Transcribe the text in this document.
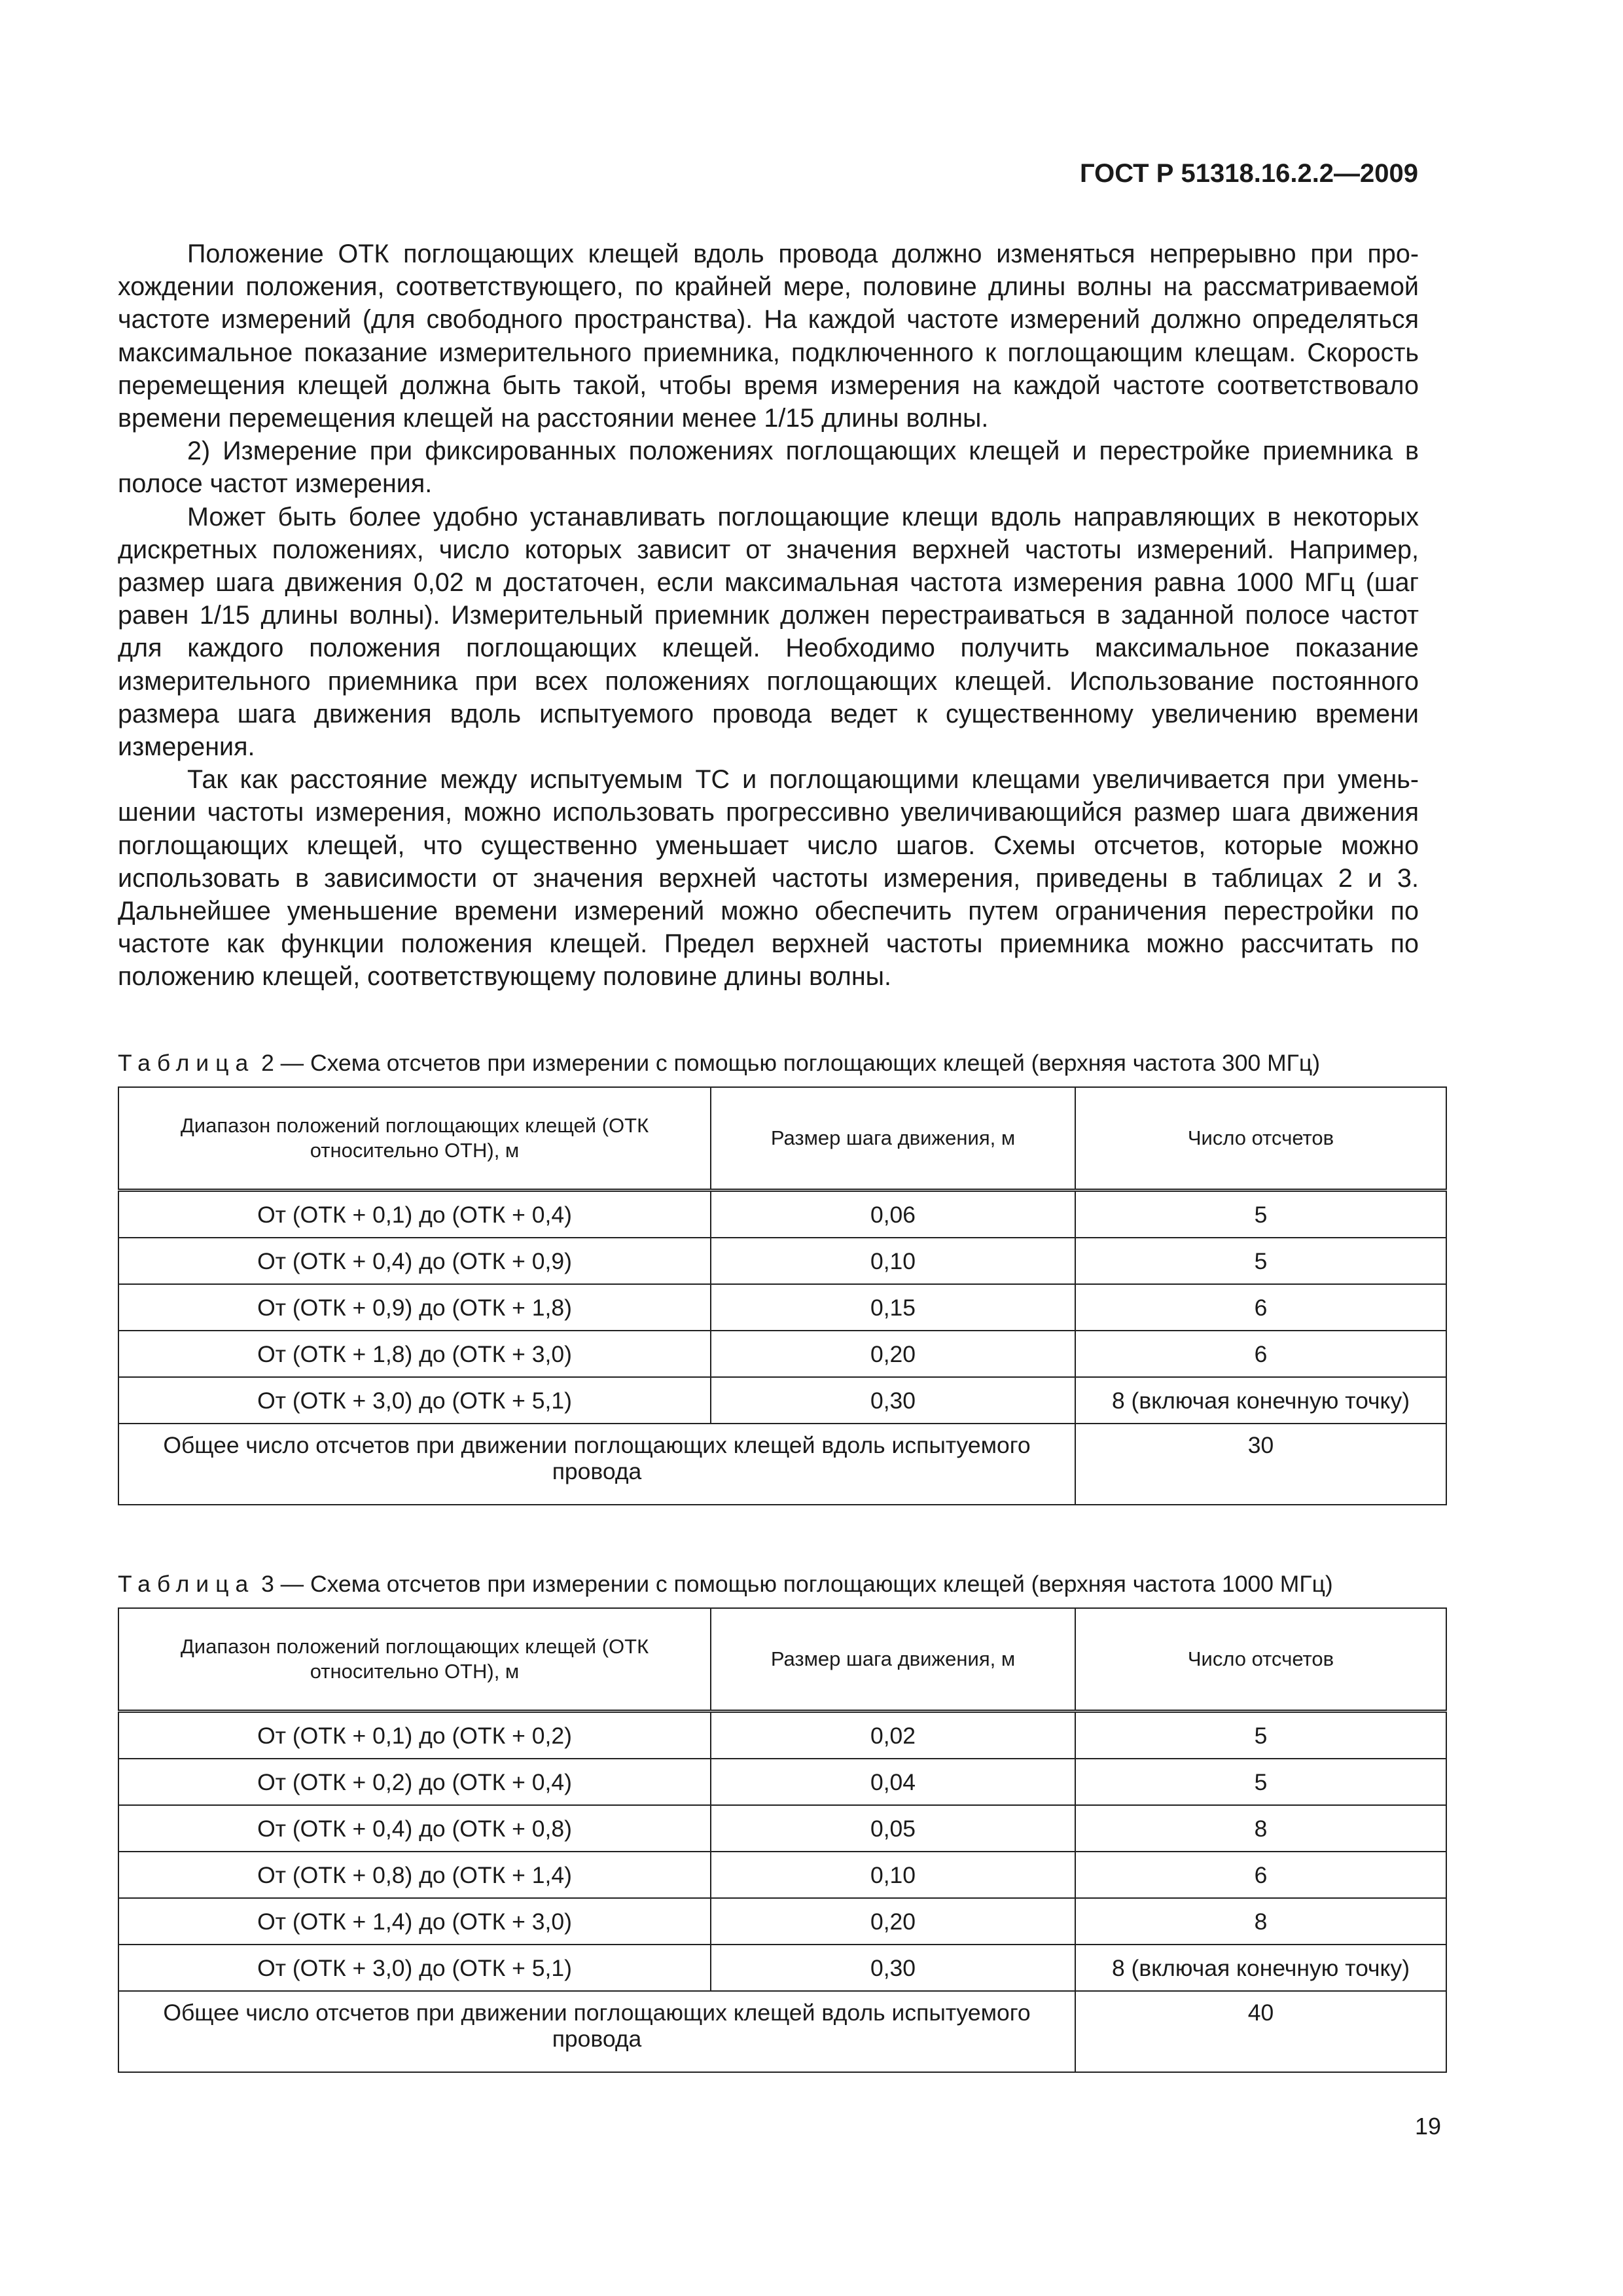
ГОСТ Р 51318.16.2.2—2009

Положение ОТК поглощающих клещей вдоль провода должно изменяться непрерывно при прохождении положения, соответствующего, по крайней мере, половине длины волны на рассматриваемой частоте измерений (для свободного пространства). На каждой частоте измерений должно определяться максимальное показание измерительного приемника, подключенного к поглощающим клещам. Скорость перемещения клещей должна быть такой, чтобы время измерения на каждой частоте соответствовало времени перемещения клещей на расстоянии менее 1/15 длины волны.

2) Измерение при фиксированных положениях поглощающих клещей и перестройке приемника в полосе частот измерения.

Может быть более удобно устанавливать поглощающие клещи вдоль направляющих в некоторых дискретных положениях, число которых зависит от значения верхней частоты измерений. Например, размер шага движения 0,02 м достаточен, если максимальная частота измерения равна 1000 МГц (шаг равен 1/15 длины волны). Измерительный приемник должен перестраиваться в заданной полосе частот для каждого положения поглощающих клещей. Необходимо получить максимальное показание измерительного приемника при всех положениях поглощающих клещей. Использование постоянного размера шага движения вдоль испытуемого провода ведет к существенному увеличению времени измерения.

Так как расстояние между испытуемым ТС и поглощающими клещами увеличивается при уменьшении частоты измерения, можно использовать прогрессивно увеличивающийся размер шага движения поглощающих клещей, что существенно уменьшает число шагов. Схемы отсчетов, которые можно использовать в зависимости от значения верхней частоты измерения, приведены в таблицах 2 и 3. Дальнейшее уменьшение времени измерений можно обеспечить путем ограничения перестройки по частоте как функции положения клещей. Предел верхней частоты приемника можно рассчитать по положению клещей, соответствующему половине длины волны.

Таблица 2 — Схема отсчетов при измерении с помощью поглощающих клещей (верхняя частота 300 МГц)
Диапазон положений поглощающих клещей (ОТК относительно ОТН), м	Размер шага движения, м	Число отсчетов
От (ОТК + 0,1) до (ОТК + 0,4)	0,06	5
От (ОТК + 0,4) до (ОТК + 0,9)	0,10	5
От (ОТК + 0,9) до (ОТК + 1,8)	0,15	6
От (ОТК + 1,8) до (ОТК + 3,0)	0,20	6
От (ОТК + 3,0) до (ОТК + 5,1)	0,30	8 (включая конечную точку)
Общее число отсчетов при движении поглощающих клещей вдоль испытуемого провода		30
Таблица 3 — Схема отсчетов при измерении с помощью поглощающих клещей (верхняя частота 1000 МГц)
Диапазон положений поглощающих клещей (ОТК относительно ОТН), м	Размер шага движения, м	Число отсчетов
От (ОТК + 0,1) до (ОТК + 0,2)	0,02	5
От (ОТК + 0,2) до (ОТК + 0,4)	0,04	5
От (ОТК + 0,4) до (ОТК + 0,8)	0,05	8
От (ОТК + 0,8) до (ОТК + 1,4)	0,10	6
От (ОТК + 1,4) до (ОТК + 3,0)	0,20	8
От (ОТК + 3,0) до (ОТК + 5,1)	0,30	8 (включая конечную точку)
Общее число отсчетов при движении поглощающих клещей вдоль испытуемого провода		40
19
